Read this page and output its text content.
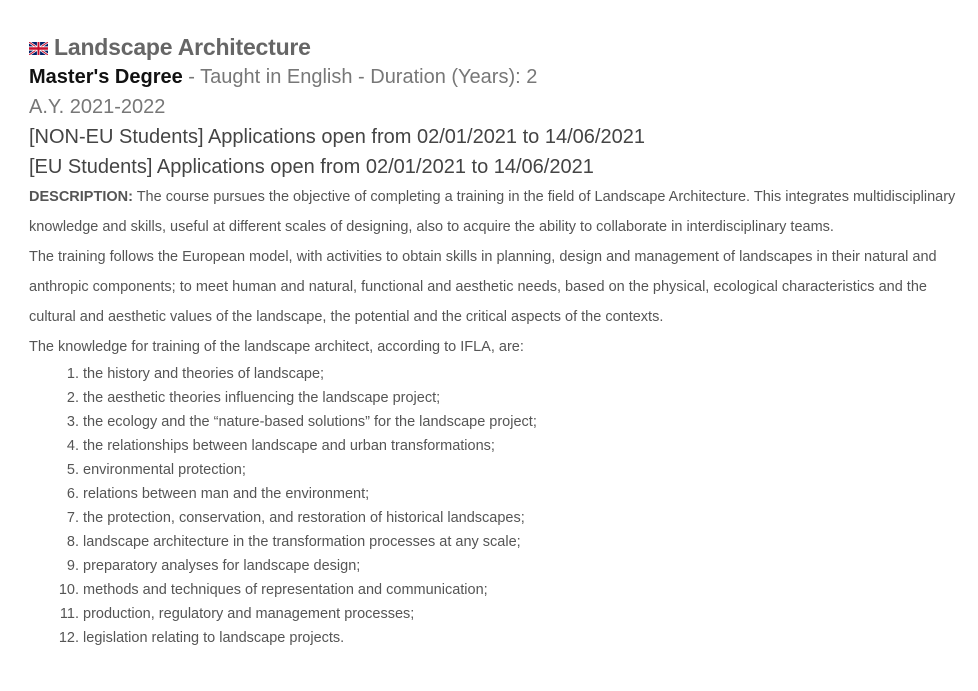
Landscape Architecture
Master's Degree - Taught in English - Duration (Years): 2
A.Y. 2021-2022
[NON-EU Students] Applications open from 02/01/2021 to 14/06/2021
[EU Students] Applications open from 02/01/2021 to 14/06/2021

DESCRIPTION: The course pursues the objective of completing a training in the field of Landscape Architecture. This integrates multidisciplinary knowledge and skills, useful at different scales of designing, also to acquire the ability to collaborate in interdisciplinary teams.

The training follows the European model, with activities to obtain skills in planning, design and management of landscapes in their natural and anthropic components; to meet human and natural, functional and aesthetic needs, based on the physical, ecological characteristics and the cultural and aesthetic values of the landscape, the potential and the critical aspects of the contexts.

The knowledge for training of the landscape architect, according to IFLA, are:

1.
the history and theories of landscape;
2.
the aesthetic theories influencing the landscape project;
3.
the ecology and the “nature-based solutions” for the landscape project;
4.
the relationships between landscape and urban transformations;
5.
environmental protection;
6.
relations between man and the environment;
7.
the protection, conservation, and restoration of historical landscapes;
8.
landscape architecture in the transformation processes at any scale;
9.
preparatory analyses for landscape design;
10.
methods and techniques of representation and communication;
11.
production, regulatory and management processes;
12.
legislation relating to landscape projects.
